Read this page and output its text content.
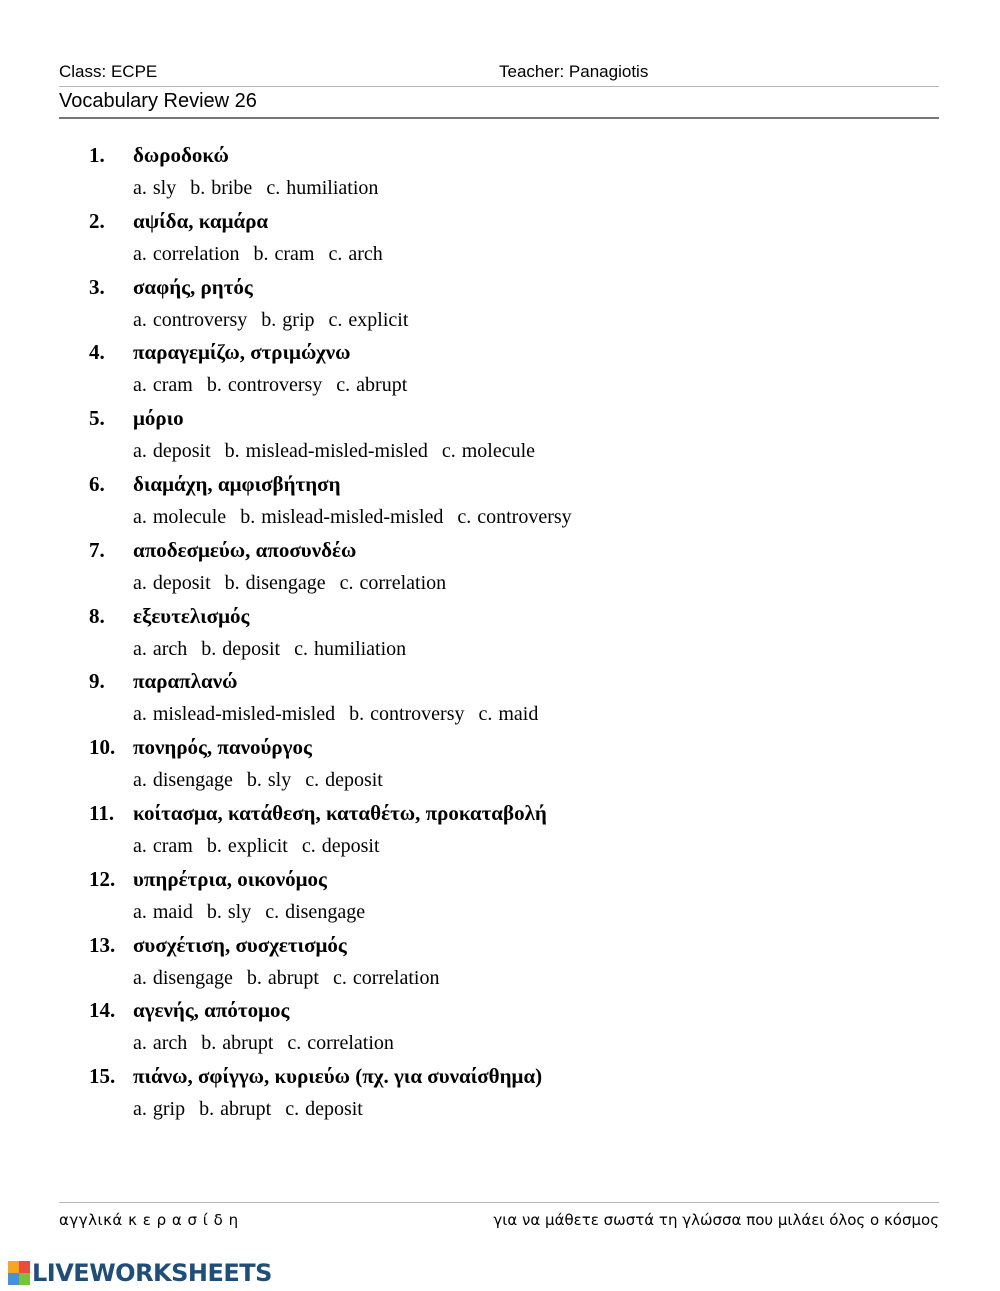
Class: ECPE	Teacher: Panagiotis
Vocabulary Review 26
1.	δωροδοκώ
a. sly b. bribe c. humiliation
2.	αψίδα, καμάρα
a. correlation b. cram c. arch
3.	σαφής, ρητός
a. controversy b. grip c. explicit
4.	παραγεμίζω, στριμώχνω
a. cram b. controversy c. abrupt
5.	μόριο
a. deposit b. mislead-misled-misled c. molecule
6.	διαμάχη, αμφισβήτηση
a. molecule b. mislead-misled-misled c. controversy
7.	αποδεσμεύω, αποσυνδέω
a. deposit b. disengage c. correlation
8.	εξευτελισμός
a. arch b. deposit c. humiliation
9.	παραπλανώ
a. mislead-misled-misled b. controversy c. maid
10. πονηρός, πανούργος
a. disengage b. sly c. deposit
11. κοίτασμα, κατάθεση, καταθέτω, προκαταβολή
a. cram b. explicit c. deposit
12. υπηρέτρια, οικονόμος
a. maid b. sly c. disengage
13. συσχέτιση, συσχετισμός
a. disengage b. abrupt c. correlation
14. αγενής, απότομος
a. arch b. abrupt c. correlation
15. πιάνω, σφίγγω, κυριεύω (πχ. για συναίσθημα)
a. grip b. abrupt c. deposit
αγγλικά κ ε ρ α σ ί δ η	για να μάθετε σωστά τη γλώσσα που μιλάει όλος ο κόσμος
LIVEWORKSHEETS
